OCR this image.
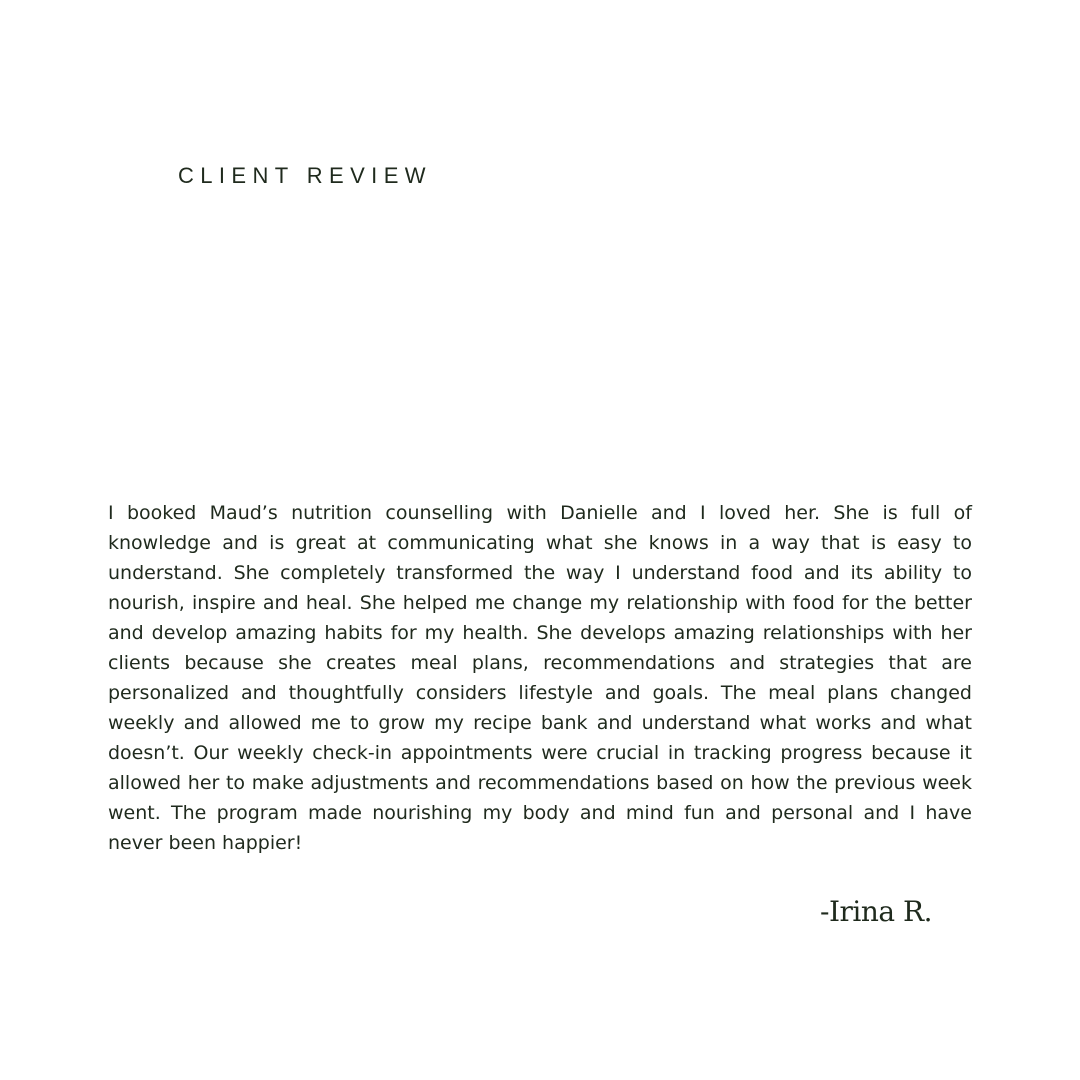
CLIENT REVIEW

I booked Maud’s nutrition counselling with Danielle and I loved her. She is full of knowledge and is great at communicating what she knows in a way that is easy to understand. She completely transformed the way I understand food and its ability to nourish, inspire and heal. She helped me change my relationship with food for the better and develop amazing habits for my health. She develops amazing relationships with her clients because she creates meal plans, recommendations and strategies that are personalized and thoughtfully considers lifestyle and goals. The meal plans changed weekly and allowed me to grow my recipe bank and understand what works and what doesn’t. Our weekly check-in appointments were crucial in tracking progress because it allowed her to make adjustments and recommendations based on how the previous week went. The program made nourishing my body and mind fun and personal and I have never been happier!

-Irina R.
